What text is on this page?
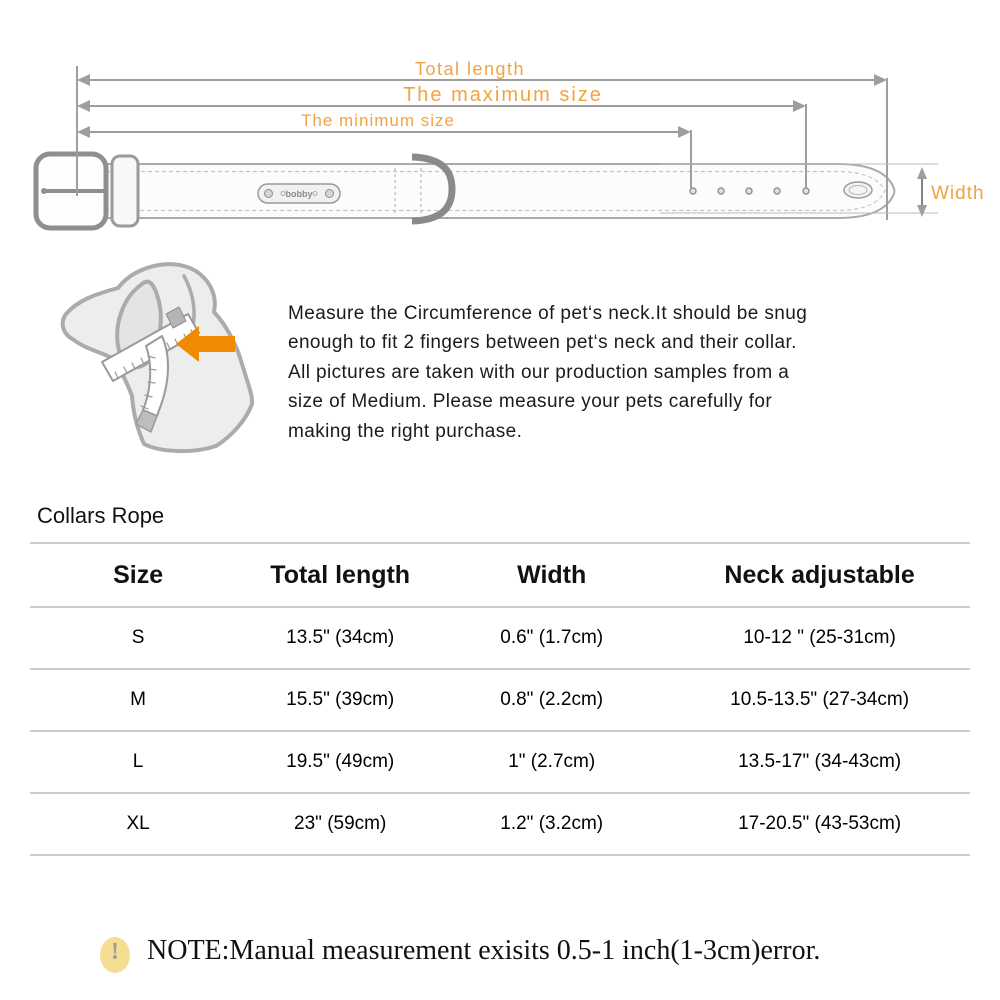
bobby
Total length
The maximum size
The minimum size
Width
Measure the Circumference of pet‘s neck.It should be snug
enough to fit 2 fingers between pet‘s neck and their collar.
All pictures are taken with our production samples from a
size of Medium. Please measure your pets carefully for
making the right purchase.
Collars Rope
Size	Total length	Width	Neck adjustable
S	13.5" (34cm)	0.6" (1.7cm)	10-12 " (25-31cm)
M	15.5" (39cm)	0.8" (2.2cm)	10.5-13.5" (27-34cm)
L	19.5" (49cm)	1" (2.7cm)	13.5-17" (34-43cm)
XL	23" (59cm)	1.2" (3.2cm)	17-20.5" (43-53cm)
!	NOTE:Manual measurement exisits 0.5-1 inch(1-3cm)error.
